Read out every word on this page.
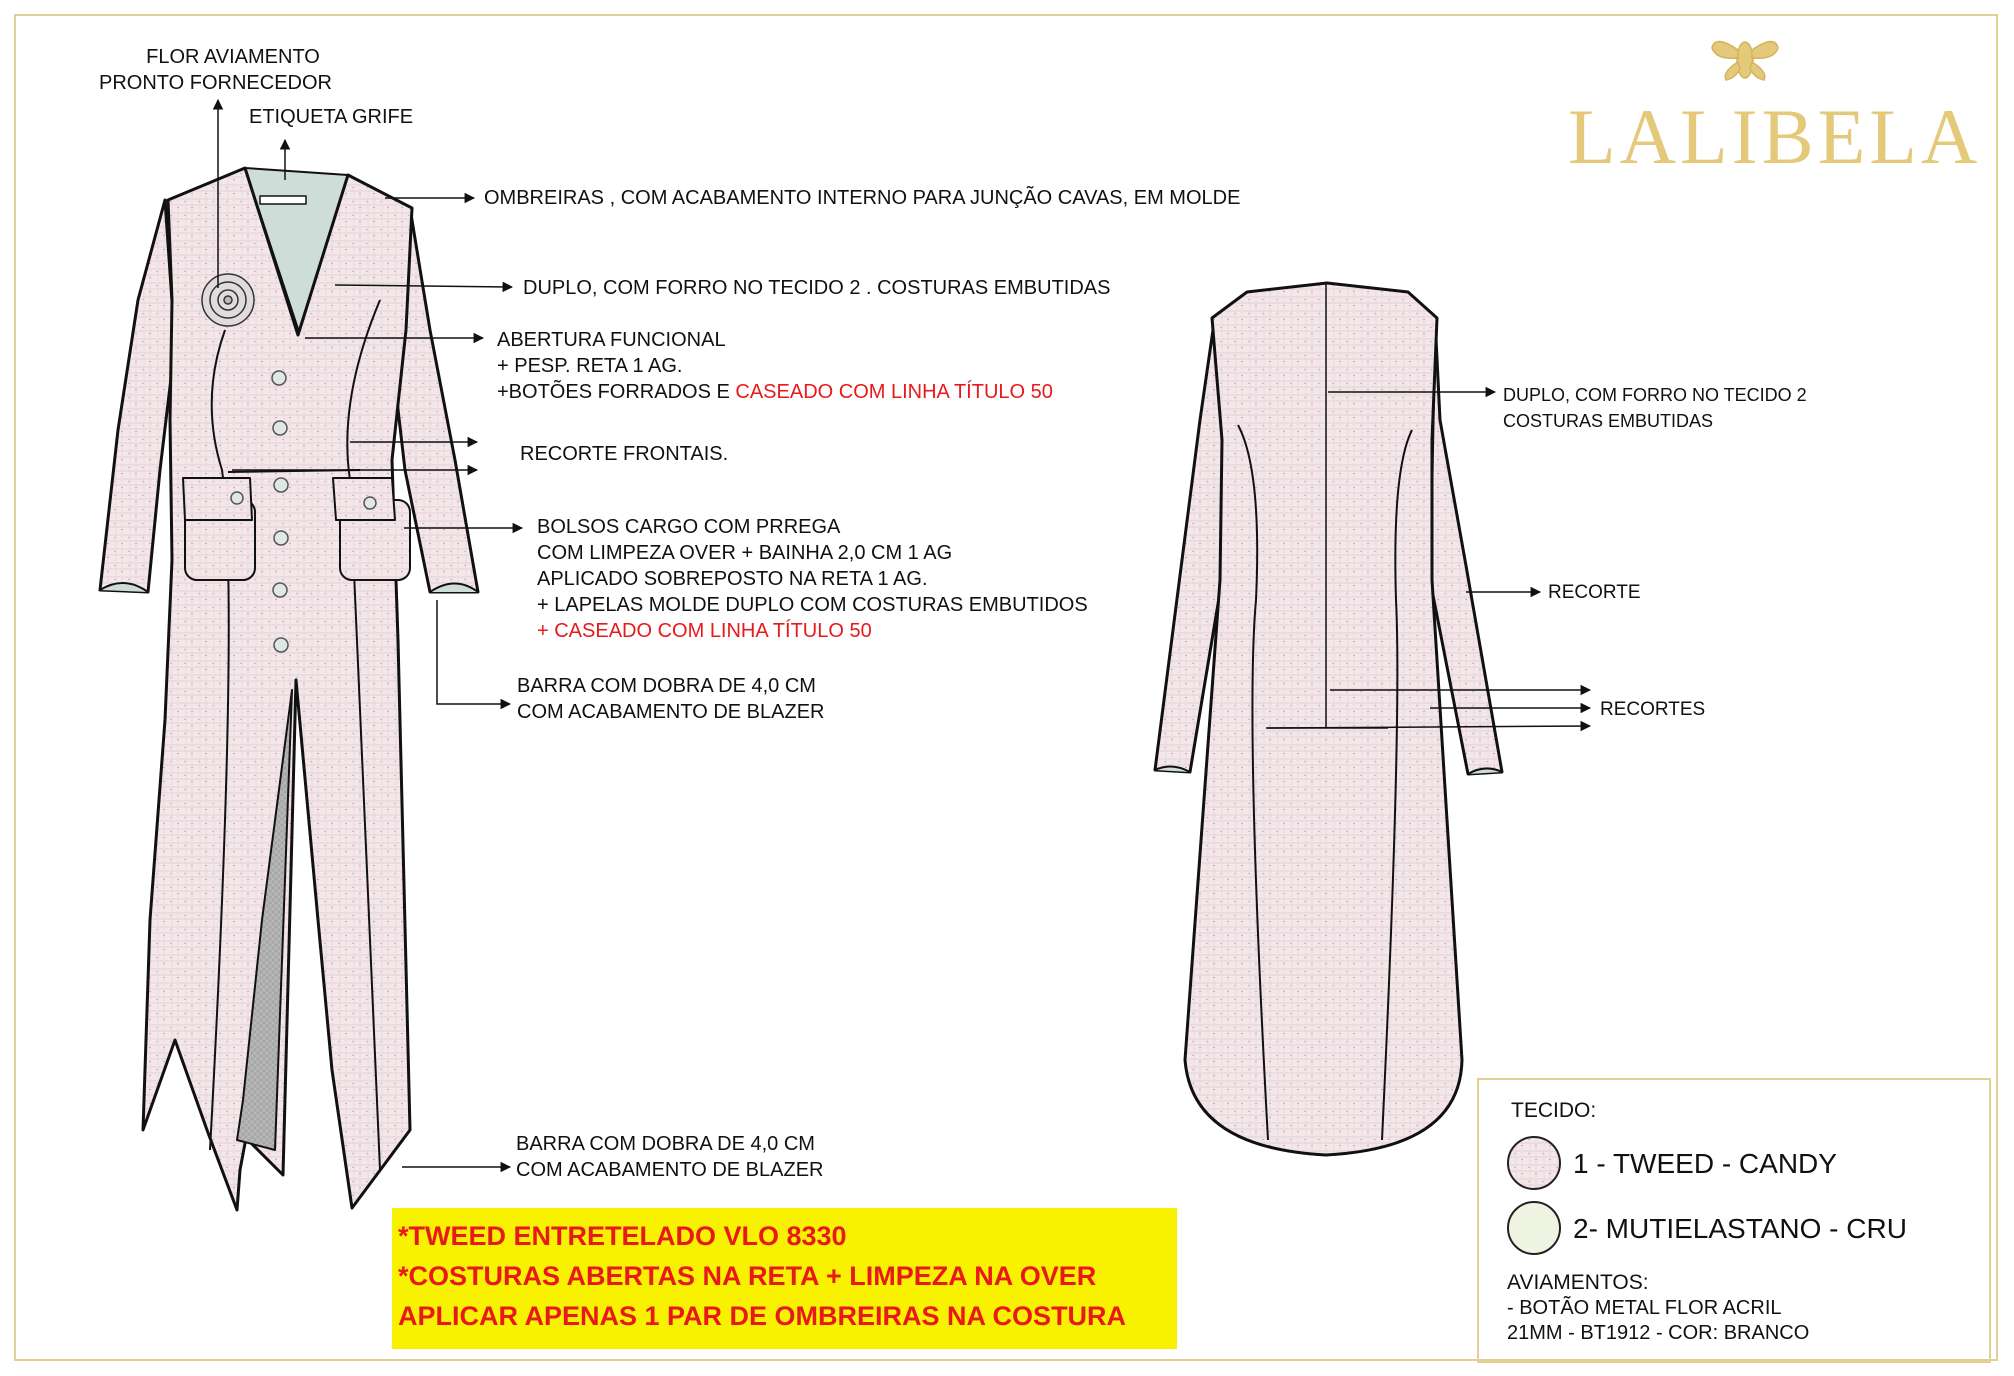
LALIBELA
FLOR AVIAMENTO
PRONTO FORNECEDOR
ETIQUETA GRIFE
OMBREIRAS , COM ACABAMENTO INTERNO PARA JUNÇÃO CAVAS, EM MOLDE
DUPLO, COM FORRO NO TECIDO 2 . COSTURAS EMBUTIDAS
ABERTURA FUNCIONAL
+ PESP. RETA 1 AG.
+BOTÕES FORRADOS E CASEADO COM LINHA TÍTULO 50
RECORTE FRONTAIS.
BOLSOS CARGO COM PRREGA
COM LIMPEZA OVER + BAINHA 2,0 CM 1 AG
APLICADO SOBREPOSTO NA RETA 1 AG.
+ LAPELAS MOLDE DUPLO COM COSTURAS EMBUTIDOS
+ CASEADO COM LINHA TÍTULO 50
BARRA COM DOBRA DE 4,0 CM
COM ACABAMENTO DE BLAZER
BARRA COM DOBRA DE 4,0 CM
COM ACABAMENTO DE BLAZER
DUPLO, COM FORRO NO TECIDO 2
COSTURAS EMBUTIDAS
RECORTE
RECORTES
*TWEED ENTRETELADO VLO 8330
*COSTURAS ABERTAS NA RETA + LIMPEZA NA OVER
APLICAR APENAS 1 PAR DE OMBREIRAS NA COSTURA
TECIDO:
1 - TWEED - CANDY
2- MUTIELASTANO - CRU
AVIAMENTOS:
- BOTÃO METAL FLOR ACRIL
21MM - BT1912 - COR: BRANCO
